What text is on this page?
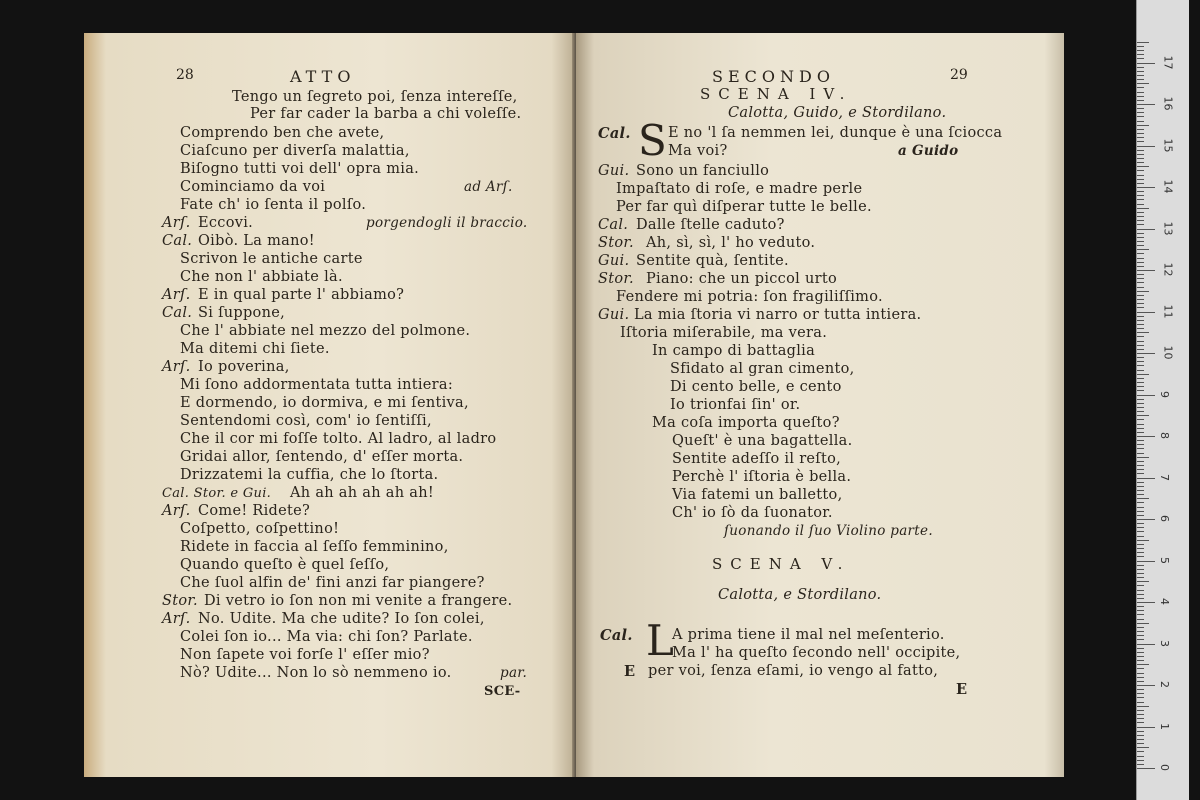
28	ATTO
Tengo un ſegreto poi, ſenza intereſſe,
Per far cader la barba a chi voleſſe.
Comprendo ben che avete,
Ciaſcuno per diverſa malattia,
Biſogno tutti voi dell' opra mia.
Cominciamo da voi	ad Arſ.
Fate ch' io ſenta il polſo.
Arſ. Eccovi.	porgendogli il braccio.
Cal. Oibò. La mano!
Scrivon le antiche carte
Che non l' abbiate là.
Arſ. E in qual parte l' abbiamo?
Cal. Si ſuppone,
Che l' abbiate nel mezzo del polmone.
Ma ditemi chi ſiete.
Arſ. Io poverina,
Mi ſono addormentata tutta intiera:
E dormendo, io dormiva, e mi ſentiva,
Sentendomi così, com' io ſentiſſi,
Che il cor mi foſſe tolto. Al ladro, al ladro
Gridai allor, ſentendo, d' eſſer morta.
Drizzatemi la cuffia, che lo ſtorta.
Cal. Stor. e Gui. Ah ah ah ah ah ah!
Arſ. Come! Ridete?
Coſpetto, coſpettino!
Ridete in faccia al ſeſſo femminino,
Quando queſto è quel ſeſſo,
Che ſuol alfin de' fini anzi far piangere?
Stor. Di vetro io ſon non mi venite a frangere.
Arſ. No. Udite. Ma che udite? Io ſon colei,
Colei ſon io... Ma via: chi ſon? Parlate.
Non ſapete voi forſe l' eſſer mio?
Nò? Udite... Non lo sò nemmeno io.	par.
SCE-
SECONDO	29
SCENA IV.
Calotta, Guido, e Stordilano.
Cal. S E no 'l ſa nemmen lei, dunque è una ſciocca
Ma voi?	a Guido
Gui. Sono un fanciullo
Impaſtato di roſe, e madre perle
Per far quì diſperar tutte le belle.
Cal. Dalle ſtelle caduto?
Stor. Ah, sì, sì, l' ho veduto.
Gui. Sentite quà, ſentite.
Stor. Piano: che un piccol urto
Fendere mi potria: ſon fragiliſſimo.
Gui. La mia ſtoria vi narro or tutta intiera.
Iſtoria miſerabile, ma vera.
In campo di battaglia
Sfidato al gran cimento,
Di cento belle, e cento
Io trionfai ſin' or.
Ma coſa importa queſto?
Queſt' è una bagattella.
Sentite adeſſo il reſto,
Perchè l' iſtoria è bella.
Via fatemi un balletto,
Ch' io ſò da ſuonator.
ſuonando il ſuo Violino parte.
SCENA V.
Calotta, e Stordilano.
Cal. L
A prima tiene il mal nel meſenterio.
Ma l' ha queſto ſecondo nell' occipite,
E per voi, ſenza eſami, io vengo al fatto,
E
0
1
2
3
4
5
6
7
8
9
10
11
12
13
14
15
16
17
